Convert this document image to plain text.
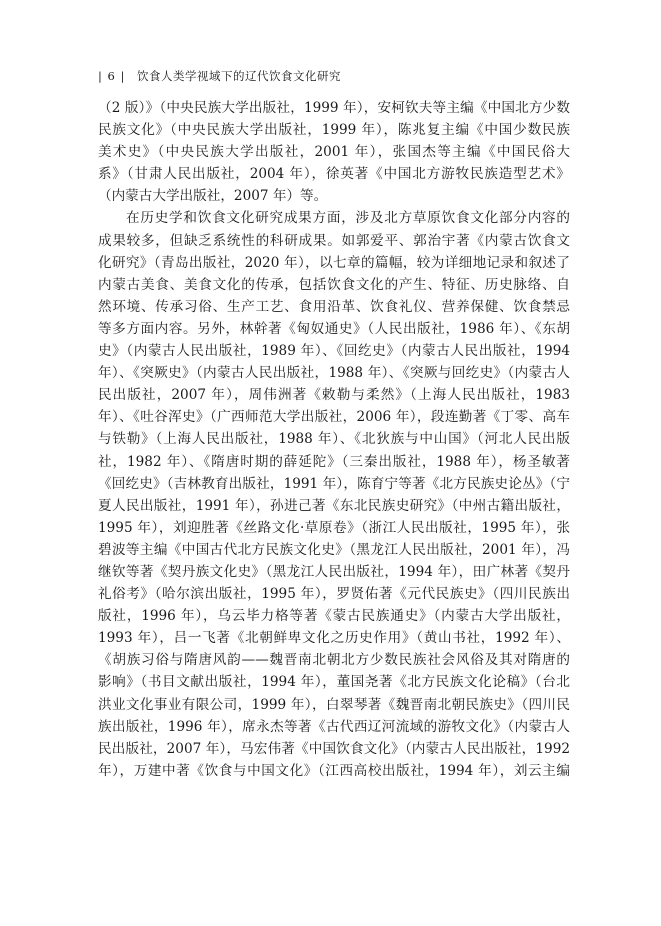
| 6 | 饮食人类学视域下的辽代饮食文化研究
（2 版）》（中央民族大学出版社，1999 年），安柯钦夫等主编《中国北方少数
民族文化》（中央民族大学出版社，1999 年），陈兆复主编《中国少数民族
美术史》（中央民族大学出版社，2001 年），张国杰等主编《中国民俗大
系》（甘肃人民出版社，2004 年），徐英著《中国北方游牧民族造型艺术》
（内蒙古大学出版社，2007 年）等。
在历史学和饮食文化研究成果方面，涉及北方草原饮食文化部分内容的
成果较多，但缺乏系统性的科研成果。如郭爱平、郭治宇著《内蒙古饮食文
化研究》（青岛出版社，2020 年），以七章的篇幅，较为详细地记录和叙述了
内蒙古美食、美食文化的传承，包括饮食文化的产生、特征、历史脉络、自
然环境、传承习俗、生产工艺、食用沿革、饮食礼仪、营养保健、饮食禁忌
等多方面内容。另外，林幹著《匈奴通史》（人民出版社，1986 年）、《东胡
史》（内蒙古人民出版社，1989 年）、《回纥史》（内蒙古人民出版社，1994
年）、《突厥史》（内蒙古人民出版社，1988 年）、《突厥与回纥史》（内蒙古人
民出版社，2007 年），周伟洲著《敕勒与柔然》（上海人民出版社，1983
年）、《吐谷浑史》（广西师范大学出版社，2006 年），段连勤著《丁零、高车
与铁勒》（上海人民出版社，1988 年）、《北狄族与中山国》（河北人民出版
社，1982 年）、《隋唐时期的薛延陀》（三秦出版社，1988 年），杨圣敏著
《回纥史》（吉林教育出版社，1991 年），陈育宁等著《北方民族史论丛》（宁
夏人民出版社，1991 年），孙进己著《东北民族史研究》（中州古籍出版社，
1995 年），刘迎胜著《丝路文化·草原卷》（浙江人民出版社，1995 年），张
碧波等主编《中国古代北方民族文化史》（黑龙江人民出版社，2001 年），冯
继钦等著《契丹族文化史》（黑龙江人民出版社，1994 年），田广林著《契丹
礼俗考》（哈尔滨出版社，1995 年），罗贤佑著《元代民族史》（四川民族出
版社，1996 年），乌云毕力格等著《蒙古民族通史》（内蒙古大学出版社，
1993 年），吕一飞著《北朝鲜卑文化之历史作用》（黄山书社，1992 年）、
《胡族习俗与隋唐风韵——魏晋南北朝北方少数民族社会风俗及其对隋唐的
影响》（书目文献出版社，1994 年），董国尧著《北方民族文化论稿》（台北
洪业文化事业有限公司，1999 年），白翠琴著《魏晋南北朝民族史》（四川民
族出版社，1996 年），席永杰等著《古代西辽河流域的游牧文化》（内蒙古人
民出版社，2007 年），马宏伟著《中国饮食文化》（内蒙古人民出版社，1992
年），万建中著《饮食与中国文化》（江西高校出版社，1994 年），刘云主编
